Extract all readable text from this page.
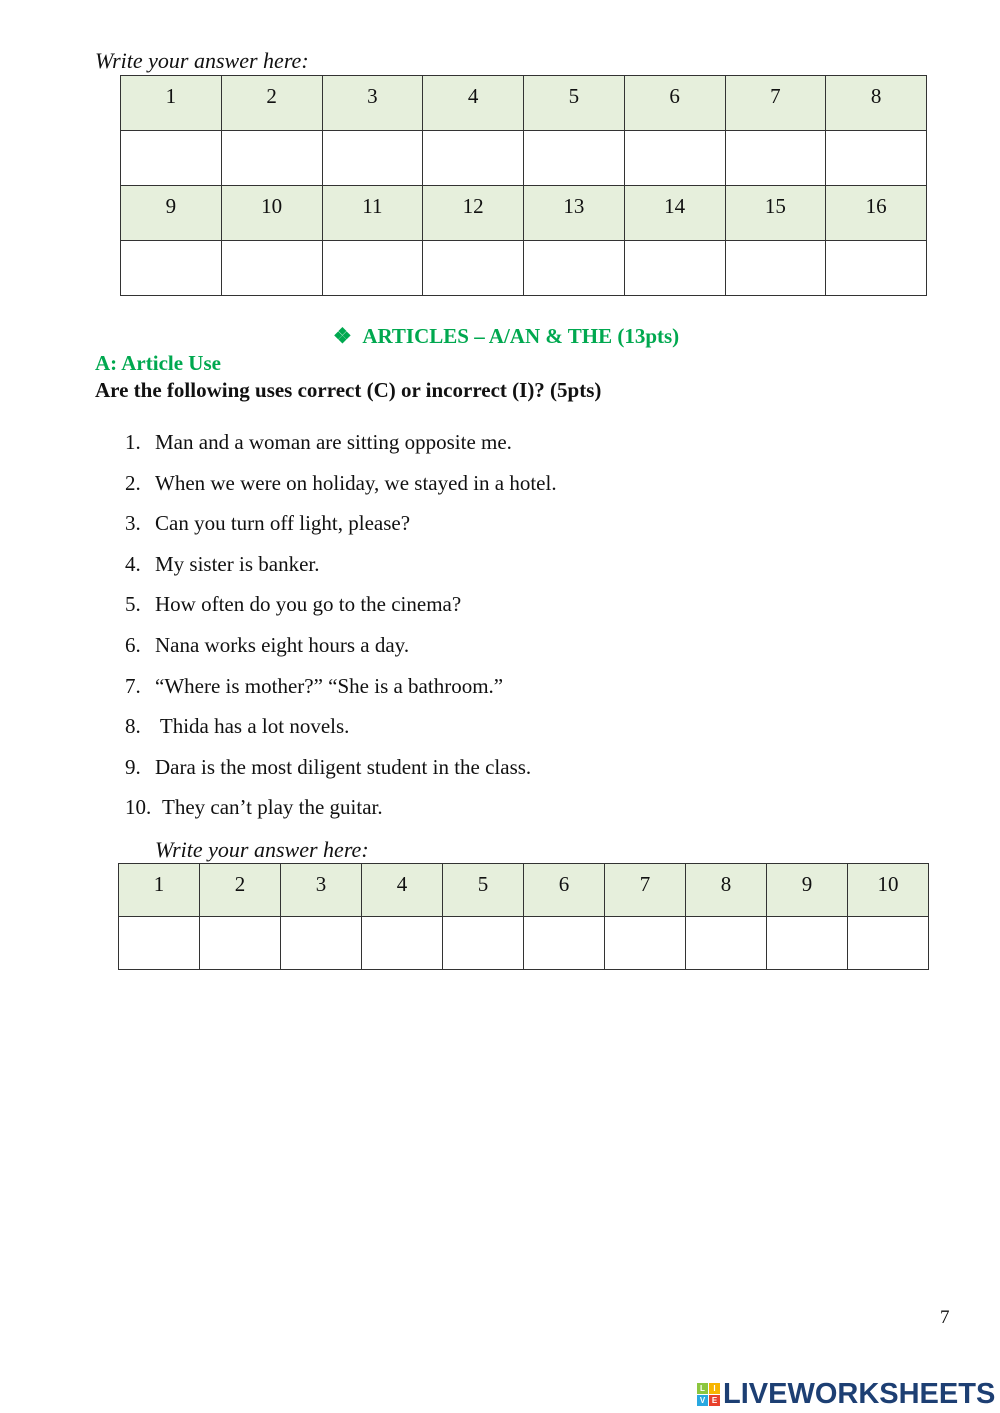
Write your answer here:
1	2	3	4	5	6	7	8

9	10	11	12	13	14	15	16

❖  ARTICLES – A/AN & THE (13pts)
A: Article Use
Are the following uses correct (C) or incorrect (I)? (5pts)
1. Man and a woman are sitting opposite me.
2. When we were on holiday, we stayed in a hotel.
3. Can you turn off light, please?
4. My sister is banker.
5. How often do you go to the cinema?
6. Nana works eight hours a day.
7. “Where is mother?” “She is a bathroom.”
8. Thida has a lot novels.
9. Dara is the most diligent student in the class.
10. They can’t play the guitar.
Write your answer here:
1	2	3	4	5	6	7	8	9	10

7
L	I
V E LIVEWORKSHEETS
